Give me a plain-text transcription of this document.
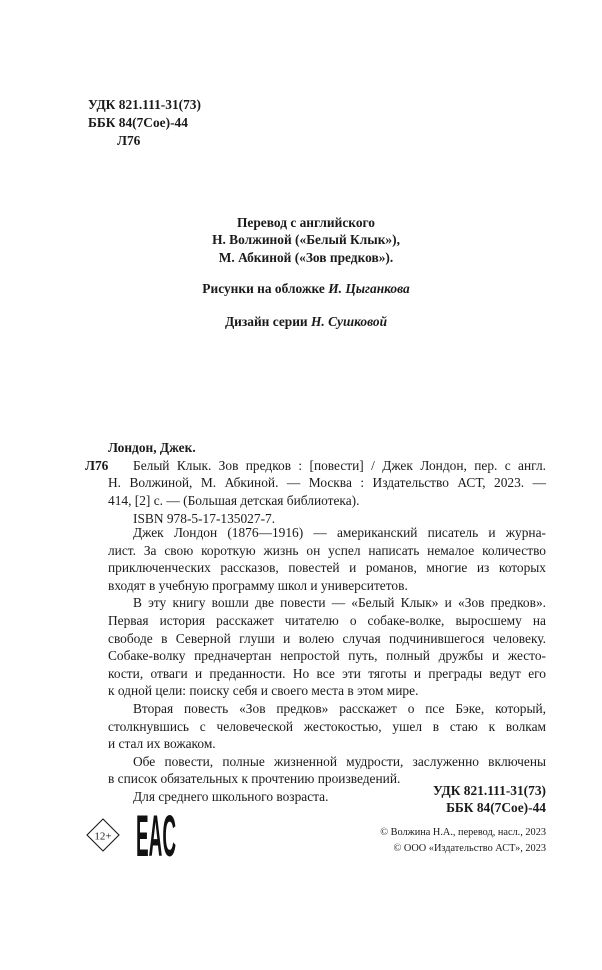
УДК 821.111-31(73)
ББК 84(7Сое)-44
Л76
Перевод с английского
Н. Волжиной («Белый Клык»),
М. Абкиной («Зов предков»).
Рисунки на обложке И. Цыганкова
Дизайн серии Н. Сушковой
Лондон, Джек.
Л76 Белый Клык. Зов предков : [повести] / Джек Лондон, пер. с англ.
Н. Волжиной, М. Абкиной. — Москва : Издательство АСТ, 2023. —
414, [2] с. — (Большая детская библиотека).
ISBN 978-5-17-135027-7.
Джек Лондон (1876—1916) — американский писатель и журна-
лист. За свою короткую жизнь он успел написать немалое количество
приключенческих рассказов, повестей и романов, многие из которых
входят в учебную программу школ и университетов.
В эту книгу вошли две повести — «Белый Клык» и «Зов предков».
Первая история расскажет читателю о собаке-волке, выросшему на
свободе в Северной глуши и волею случая подчинившегося человеку.
Собаке-волку предначертан непростой путь, полный дружбы и жесто-
кости, отваги и преданности. Но все эти тяготы и преграды ведут его
к одной цели: поиску себя и своего места в этом мире.
Вторая повесть «Зов предков» расскажет о псе Бэке, который,
столкнувшись с человеческой жестокостью, ушел в стаю к волкам
и стал их вожаком.
Обе повести, полные жизненной мудрости, заслуженно включены
в список обязательных к прочтению произведений.
Для среднего школьного возраста.	УДК 821.111-31(73)
ББК 84(7Сое)-44
12+ EAC	© Волжина Н.А., перевод, насл., 2023
© ООО «Издательство АСТ», 2023
